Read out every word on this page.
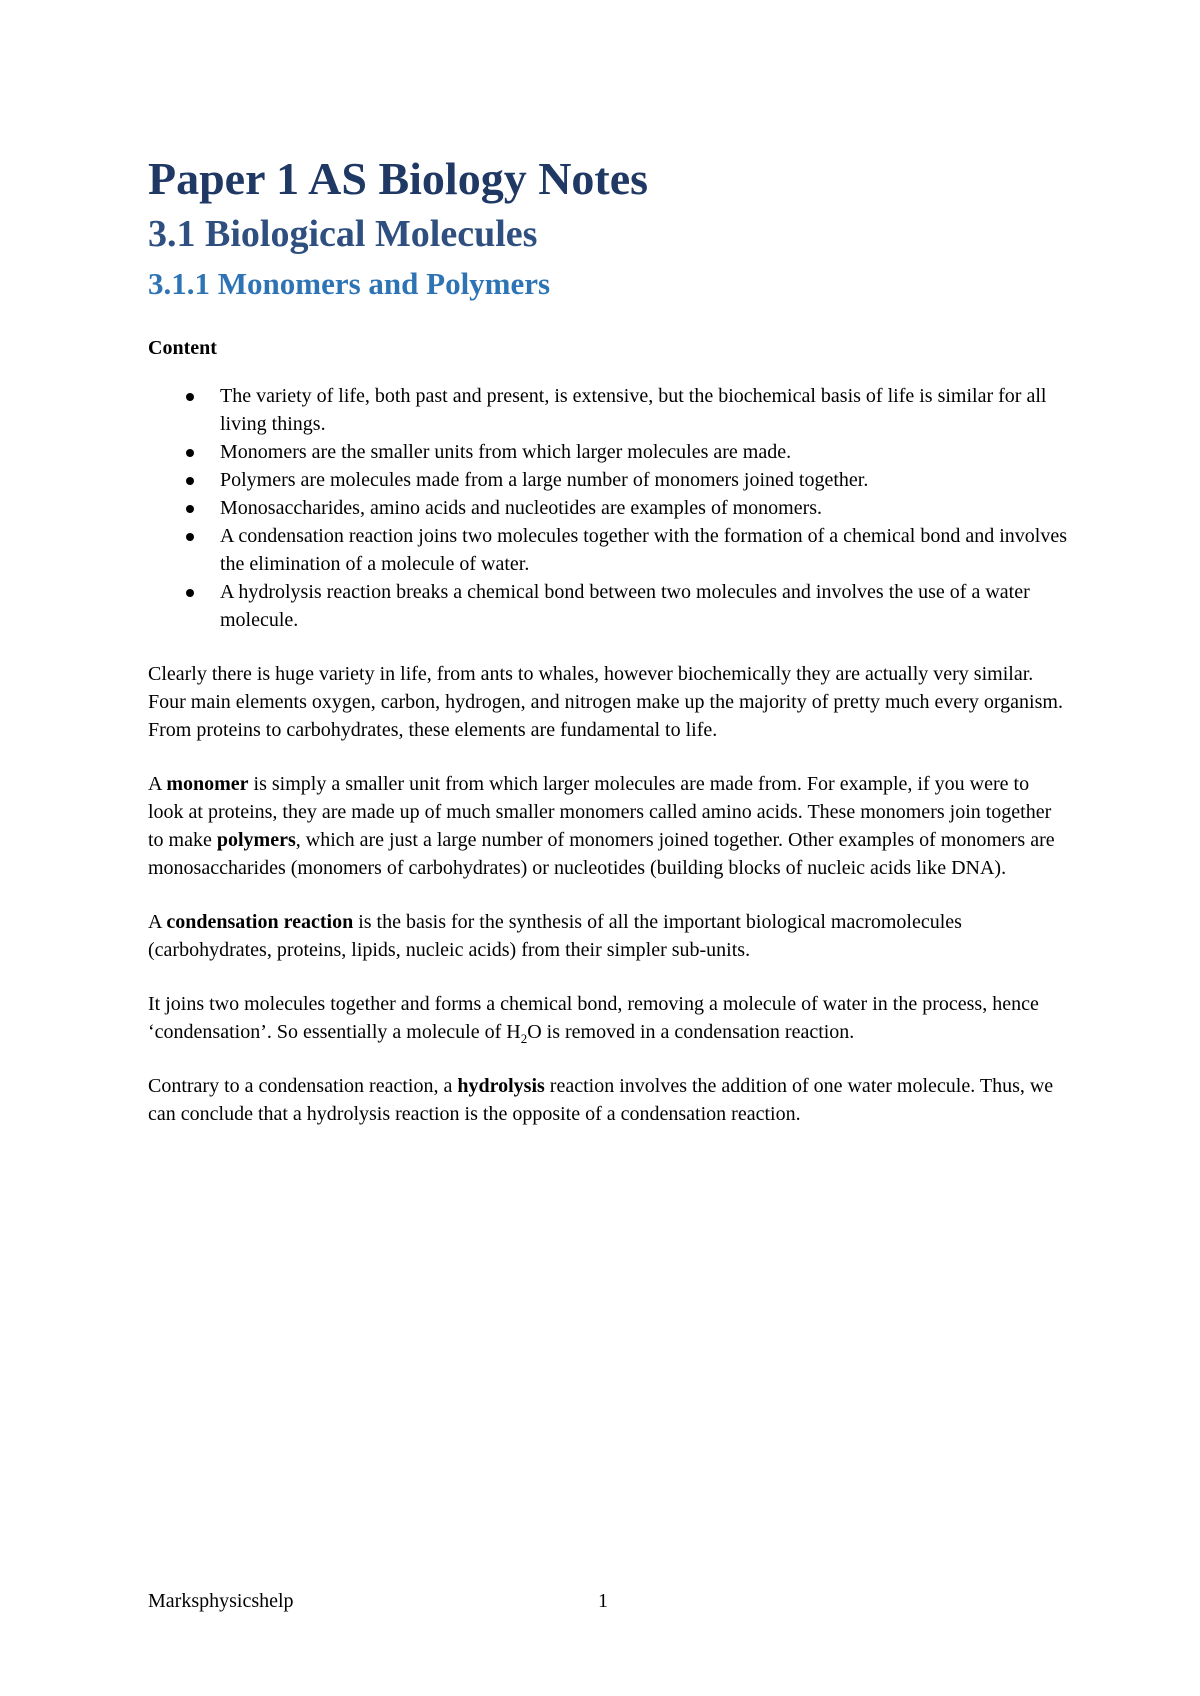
Paper 1 AS Biology Notes
3.1 Biological Molecules
3.1.1 Monomers and Polymers
Content
The variety of life, both past and present, is extensive, but the biochemical basis of life is similar for all living things.
Monomers are the smaller units from which larger molecules are made.
Polymers are molecules made from a large number of monomers joined together.
Monosaccharides, amino acids and nucleotides are examples of monomers.
A condensation reaction joins two molecules together with the formation of a chemical bond and involves the elimination of a molecule of water.
A hydrolysis reaction breaks a chemical bond between two molecules and involves the use of a water molecule.

Clearly there is huge variety in life, from ants to whales, however biochemically they are actually very similar. Four main elements oxygen, carbon, hydrogen, and nitrogen make up the majority of pretty much every organism. From proteins to carbohydrates, these elements are fundamental to life.

A monomer is simply a smaller unit from which larger molecules are made from. For example, if you were to look at proteins, they are made up of much smaller monomers called amino acids. These monomers join together to make polymers, which are just a large number of monomers joined together. Other examples of monomers are monosaccharides (monomers of carbohydrates) or nucleotides (building blocks of nucleic acids like DNA).

A condensation reaction is the basis for the synthesis of all the important biological macromolecules (carbohydrates, proteins, lipids, nucleic acids) from their simpler sub-units.

It joins two molecules together and forms a chemical bond, removing a molecule of water in the process, hence ‘condensation’. So essentially a molecule of $H_2O$ is removed in a condensation reaction.

Contrary to a condensation reaction, a hydrolysis reaction involves the addition of one water molecule. Thus, we can conclude that a hydrolysis reaction is the opposite of a condensation reaction.

Marksphysicshelp	1
